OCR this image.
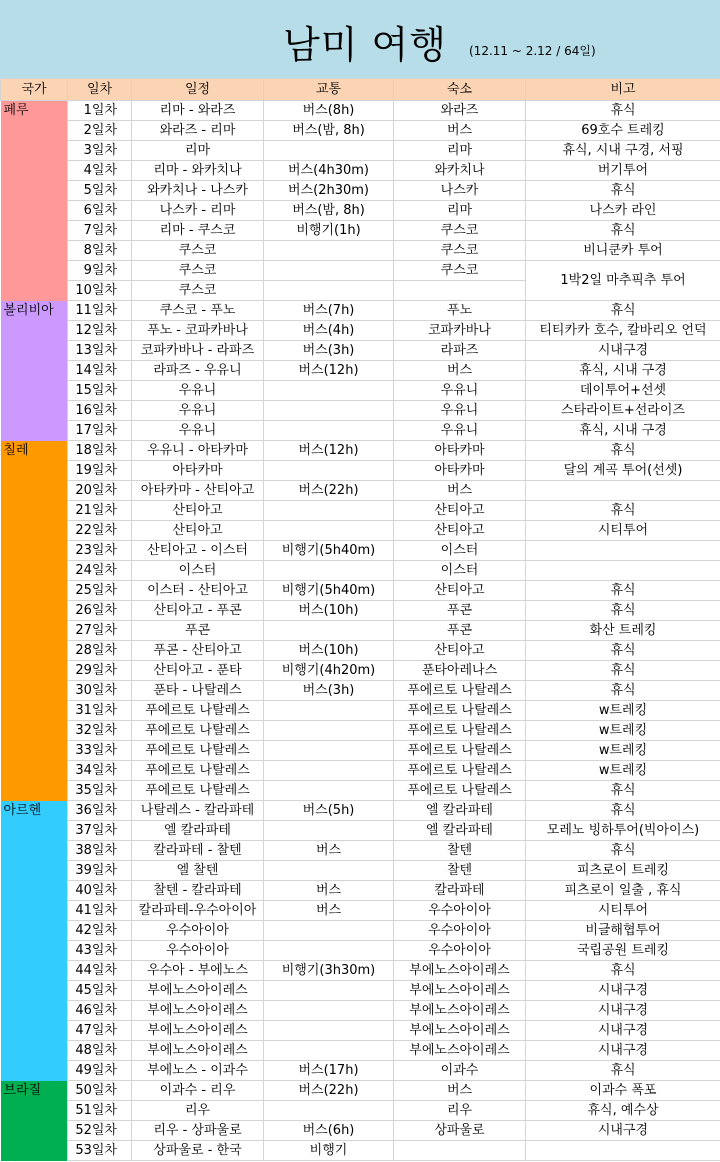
남미 여행 (12.11 ~ 2.12 / 64일)
국가	일차	일정	교통	숙소	비고
페루	1일차	리마 - 와라즈	버스(8h)	와라즈	휴식
	2일차	와라즈 - 리마	버스(밤, 8h)	버스	69호수 트레킹
	3일차	리마		리마	휴식, 시내 구경, 서핑
	4일차	리마 - 와카치나	버스(4h30m)	와카치나	버기투어
	5일차	와카치나 - 나스카	버스(2h30m)	나스카	휴식
	6일차	나스카 - 리마	버스(밤, 8h)	리마	나스카 라인
	7일차	리마 - 쿠스코	비행기(1h)	쿠스코	휴식
	8일차	쿠스코		쿠스코	비니쿤카 투어
	9일차	쿠스코		쿠스코	1박2일 마추픽추 투어
	10일차	쿠스코			
볼리비아	11일차	쿠스코 - 푸노	버스(7h)	푸노	휴식
	12일차	푸노 - 코파카바나	버스(4h)	코파카바나	티티카카 호수, 칼바리오 언덕
	13일차	코파카바나 - 라파즈	버스(3h)	라파즈	시내구경
	14일차	라파즈 - 우유니	버스(12h)	버스	휴식, 시내 구경
	15일차	우유니		우유니	데이투어+선셋
	16일차	우유니		우유니	스타라이트+선라이즈
	17일차	우유니		우유니	휴식, 시내 구경
칠레	18일차	우유니 - 아타카마	버스(12h)	아타카마	휴식
	19일차	아타카마		아타카마	달의 계곡 투어(선셋)
	20일차	아타카마 - 산티아고	버스(22h)	버스	
	21일차	산티아고		산티아고	휴식
	22일차	산티아고		산티아고	시티투어
	23일차	산티아고 - 이스터	비행기(5h40m)	이스터	
	24일차	이스터		이스터	
	25일차	이스터 - 산티아고	비행기(5h40m)	산티아고	휴식
	26일차	산티아고 - 푸콘	버스(10h)	푸콘	휴식
	27일차	푸콘		푸콘	화산 트레킹
	28일차	푸콘 - 산티아고	버스(10h)	산티아고	휴식
	29일차	산티아고 - 푼타	비행기(4h20m)	푼타아레나스	휴식
	30일차	푼타 - 나탈레스	버스(3h)	푸에르토 나탈레스	휴식
	31일차	푸에르토 나탈레스		푸에르토 나탈레스	w트레킹
	32일차	푸에르토 나탈레스		푸에르토 나탈레스	w트레킹
	33일차	푸에르토 나탈레스		푸에르토 나탈레스	w트레킹
	34일차	푸에르토 나탈레스		푸에르토 나탈레스	w트레킹
	35일차	푸에르토 나탈레스		푸에르토 나탈레스	휴식
아르헨	36일차	나탈레스 - 칼라파테	버스(5h)	엘 칼라파테	휴식
	37일차	엘 칼라파테		엘 칼라파테	모레노 빙하투어(빅아이스)
	38일차	칼라파테 - 찰텐	버스	찰텐	휴식
	39일차	엘 찰텐		찰텐	피츠로이 트레킹
	40일차	찰텐 - 칼라파테	버스	칼라파테	피츠로이 일출 , 휴식
	41일차	칼라파테-우수아이아	버스	우수아이아	시티투어
	42일차	우수아이아		우수아이아	비글해협투어
	43일차	우수아이아		우수아이아	국립공원 트레킹
	44일차	우수아 - 부에노스	비행기(3h30m)	부에노스아이레스	휴식
	45일차	부에노스아이레스		부에노스아이레스	시내구경
	46일차	부에노스아이레스		부에노스아이레스	시내구경
	47일차	부에노스아이레스		부에노스아이레스	시내구경
	48일차	부에노스아이레스		부에노스아이레스	시내구경
	49일차	부에노스 - 이과수	버스(17h)	이과수	휴식
브라질	50일차	이과수 - 리우	버스(22h)	버스	이과수 폭포
	51일차	리우		리우	휴식, 예수상
	52일차	리우 - 상파울로	버스(6h)	상파울로	시내구경
	53일차	상파울로 - 한국	비행기		
